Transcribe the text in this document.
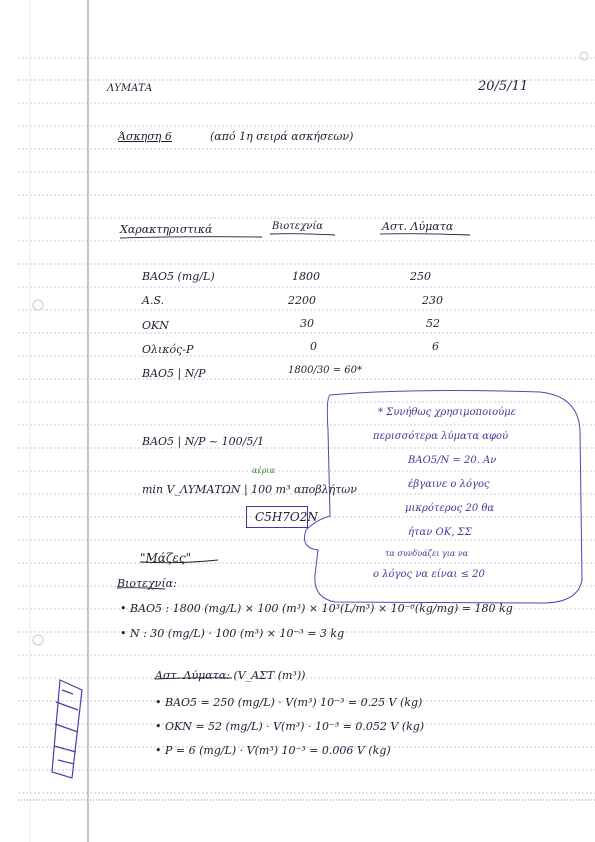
ΛΥΜΑΤΑ	20/5/11
Άσκηση 6	(από 1η σειρά ασκήσεων)
Χαρακτηριστικά	Βιοτεχνία	Αστ. Λύματα
BAO5 (mg/L)	1800	250
A.S.	2200	230
OKN	30	52
Ολικός-P	0	6
BAO5 | N/P	1800/30 = 60*
BAO5 | N/P ~ 100/5/1
αέρια
min V_ΛΥΜΑΤΩΝ | 100 m³ αποβλήτων
C5H7O2N
* Συνήθως χρησιμοποιούμε
περισσότερα λύματα αφού
BAO5/N = 20. Αν
έβγαινε ο λόγος
μικρότερος 20 θα
ήταν OK, ΣΣ
τα συνδυάζει για να
ο λόγος να είναι ≤ 20
"Μάζες"
Βιοτεχνία:
• BAO5 : 1800 (mg/L) × 100 (m³) × 10³(L/m³) × 10⁻⁶(kg/mg) = 180 kg
• N : 30 (mg/L) · 100 (m³) × 10⁻³ = 3 kg
Αστ. Λύματα: (V_ΑΣΤ (m³))
• BAO5 = 250 (mg/L) · V(m³) 10⁻³ = 0.25 V (kg)
• OKN = 52 (mg/L) · V(m³) · 10⁻³ = 0.052 V (kg)
• P = 6 (mg/L) · V(m³) 10⁻³ = 0.006 V (kg)
